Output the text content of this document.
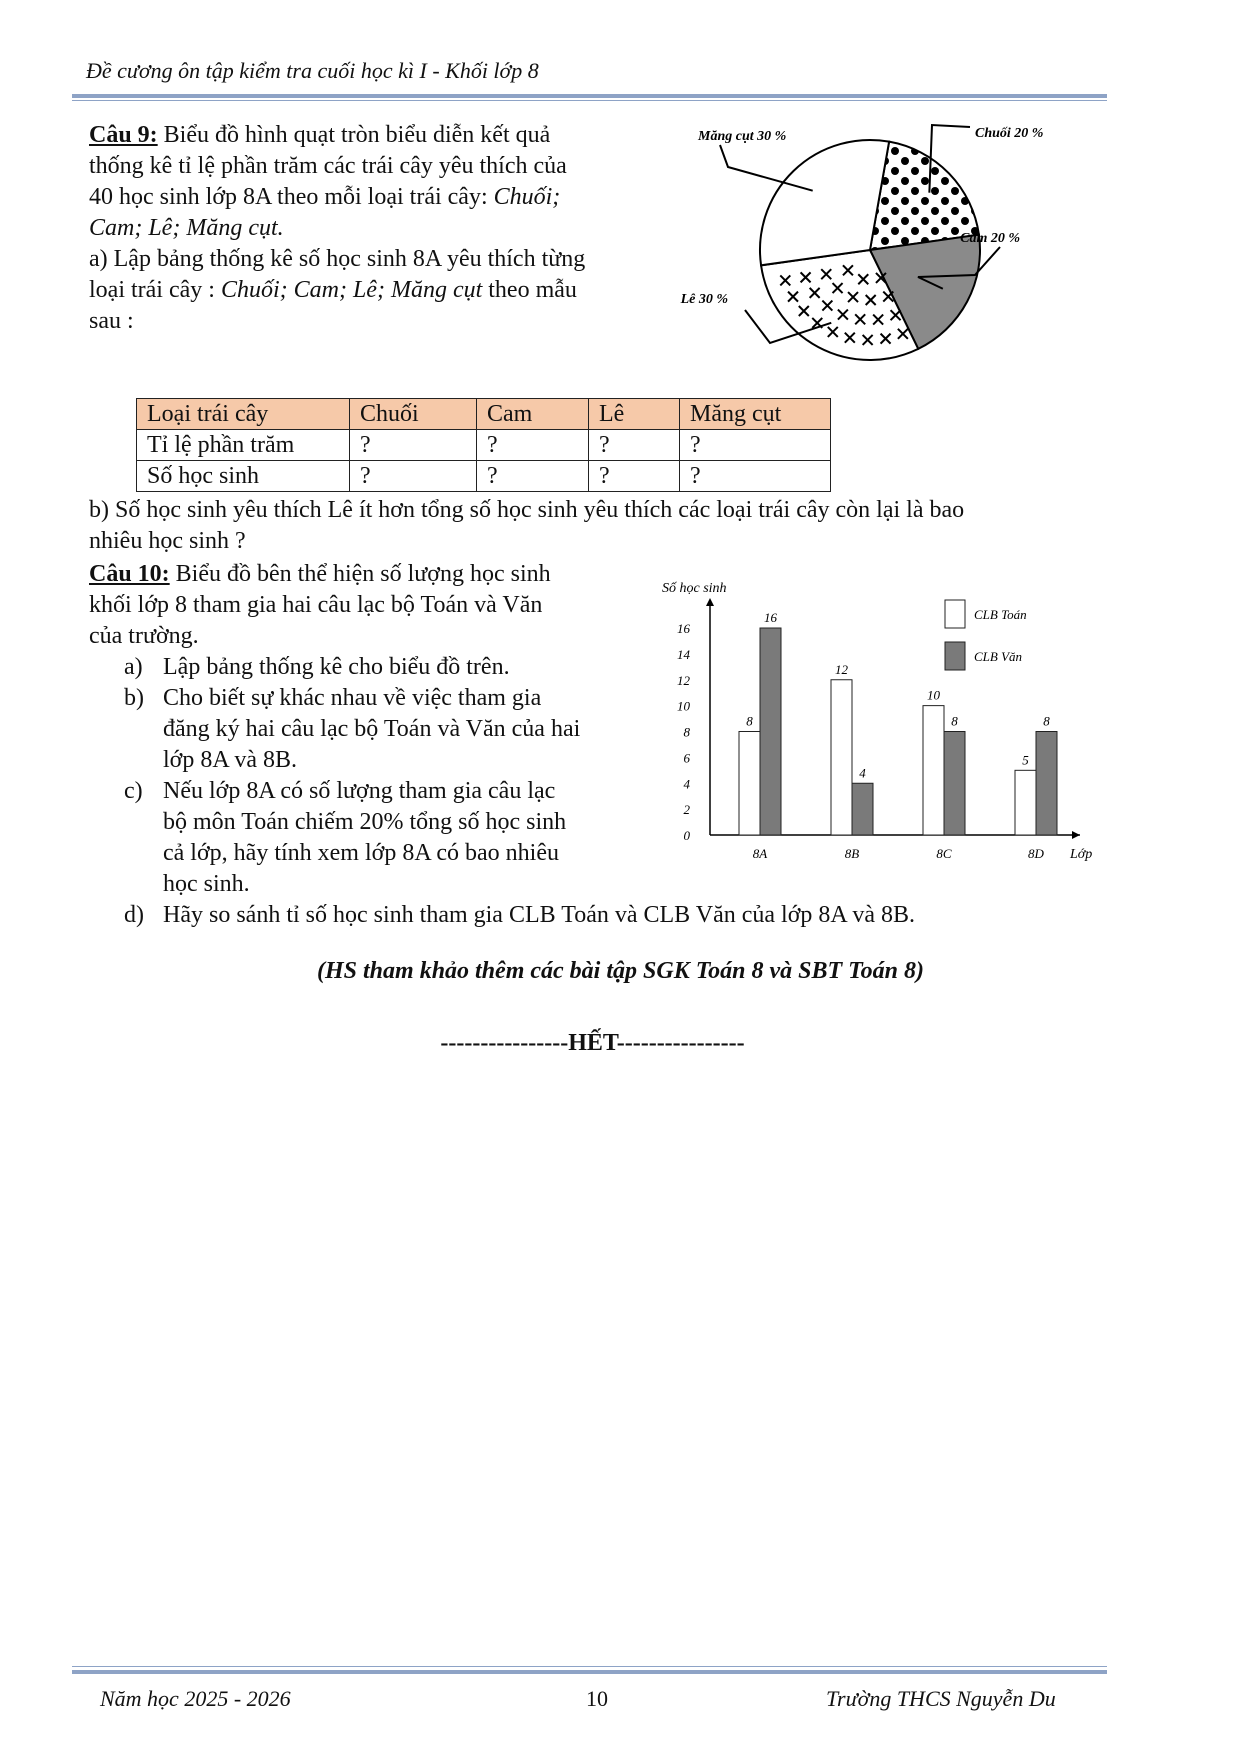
Đề cương ôn tập kiểm tra cuối học kì I - Khối lớp 8
Câu 9: Biểu đồ hình quạt tròn biểu diễn kết quả
thống kê tỉ lệ phần trăm các trái cây yêu thích của
40 học sinh lớp 8A theo mỗi loại trái cây: Chuối;
Cam; Lê; Măng cụt.
a) Lập bảng thống kê số học sinh 8A yêu thích từng
loại trái cây : Chuối; Cam; Lê; Măng cụt theo mẫu
sau :
Chuối 20 %
Cam 20 %
Lê 30 %
Măng cụt 30 %
Loại trái cây	Chuối	Cam	Lê	Măng cụt
Tỉ lệ phần trăm	?	?	?	?
Số học sinh	?	?	?	?
b) Số học sinh yêu thích Lê ít hơn tổng số học sinh yêu thích các loại trái cây còn lại là bao
nhiêu học sinh ?
Câu 10: Biểu đồ bên thể hiện số lượng học sinh
khối lớp 8 tham gia hai câu lạc bộ Toán và Văn
của trường.
a) Lập bảng thống kê cho biểu đồ trên.
b) Cho biết sự khác nhau về việc tham gia
đăng ký hai câu lạc bộ Toán và Văn của hai
lớp 8A và 8B.
c) Nếu lớp 8A có số lượng tham gia câu lạc
bộ môn Toán chiếm 20% tổng số học sinh
cả lớp, hãy tính xem lớp 8A có bao nhiêu
học sinh.
d) Hãy so sánh tỉ số học sinh tham gia CLB Toán và CLB Văn của lớp 8A và 8B.
0
2
4
6
8
10
12
14
16
Số học sinh
Lớp
8
16
8A
12
4
8B
10
8
8C
5
8
8D
CLB Toán
CLB Văn
(HS tham khảo thêm các bài tập SGK Toán 8 và SBT Toán 8)
----------------HẾT----------------
Năm học 2025 - 2026	10	Trường THCS Nguyễn Du
